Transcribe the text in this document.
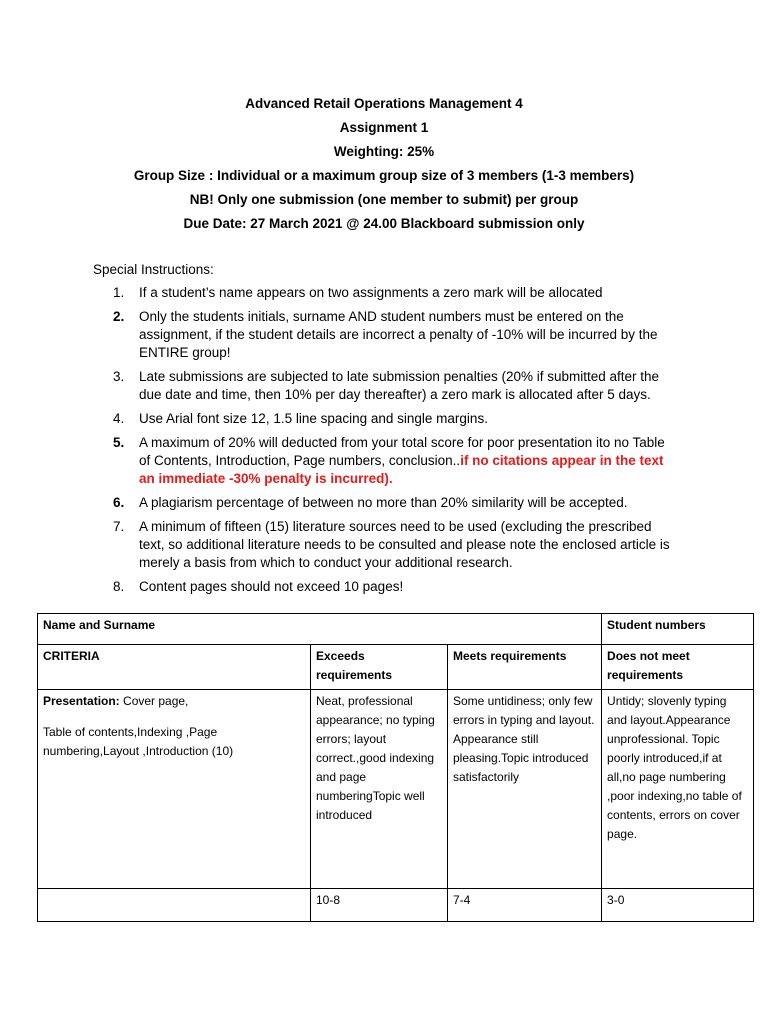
Advanced Retail Operations Management 4
Assignment 1
Weighting: 25%
Group Size : Individual or a maximum group size of 3 members (1-3 members)
NB! Only one submission (one member to submit) per group
Due Date: 27 March 2021 @ 24.00 Blackboard submission only
Special Instructions:
1. If a student’s name appears on two assignments a zero mark will be allocated
2. Only the students initials, surname AND student numbers must be entered on the assignment, if the student details are incorrect a penalty of -10% will be incurred by the ENTIRE group!
3. Late submissions are subjected to late submission penalties (20% if submitted after the due date and time, then 10% per day thereafter) a zero mark is allocated after 5 days.
4. Use Arial font size 12, 1.5 line spacing and single margins.
5. A maximum of 20% will deducted from your total score for poor presentation ito no Table of Contents, Introduction, Page numbers, conclusion..if no citations appear in the text an immediate -30% penalty is incurred).
6. A plagiarism percentage of between no more than 20% similarity will be accepted.
7. A minimum of fifteen (15) literature sources need to be used (excluding the prescribed text, so additional literature needs to be consulted and please note the enclosed article is merely a basis from which to conduct your additional research.
8. Content pages should not exceed 10 pages!
Name and Surname			Student numbers
CRITERIA	Exceeds requirements	Meets requirements	Does not meet requirements

Presentation: Cover page,
Table of contents,Indexing ,Page numbering,Layout ,Introduction (10)	Neat, professional appearance; no typing errors; layout correct.,good indexing and page numberingTopic well introduced	Some untidiness; only few errors in typing and layout. Appearance still pleasing.Topic introduced satisfactorily	Untidy; slovenly typing and layout.Appearance unprofessional. Topic poorly introduced,if at all,no page numbering ,poor indexing,no table of contents, errors on cover page.
	10-8	7-4	3-0
